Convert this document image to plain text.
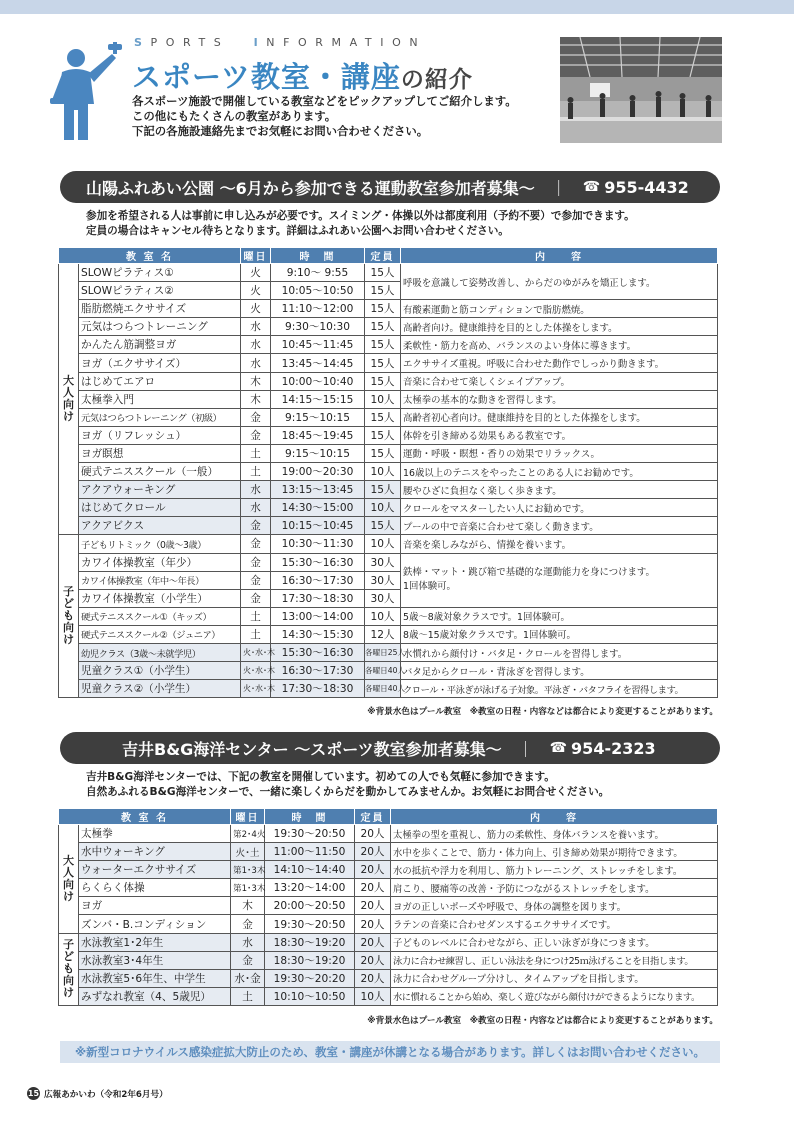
SPORTS INFORMATION
スポーツ教室・講座の紹介
各スポーツ施設で開催している教室などをピックアップしてご紹介します。
この他にもたくさんの教室があります。
下記の各施設連絡先までお気軽にお問い合わせください。
山陽ふれあい公園 ～6月から参加できる運動教室参加者募集～ ｜ ☎ 955-4432
参加を希望される人は事前に申し込みが必要です。スイミング・体操以外は都度利用（予約不要）で参加できます。
定員の場合はキャンセル待ちとなります。詳細はふれあい公園へお問い合わせください。
教 室 名		曜日	時　間	定員	内　　容
大人向け	SLOWピラティス①	火	9:10～ 9:55	15人	呼吸を意識して姿勢改善し、からだのゆがみを矯正します。
	SLOWピラティス②	火	10:05～10:50	15人	
	脂肪燃焼エクササイズ	火	11:10～12:00	15人	有酸素運動と筋コンディションで脂肪燃焼。
	元気はつらつトレーニング	水	9:30～10:30	15人	高齢者向け。健康維持を目的とした体操をします。
	かんたん筋調整ヨガ	水	10:45～11:45	15人	柔軟性・筋力を高め、バランスのよい身体に導きます。
	ヨガ（エクササイズ）	水	13:45～14:45	15人	エクササイズ重視。呼吸に合わせた動作でしっかり動きます。
	はじめてエアロ	木	10:00～10:40	15人	音楽に合わせて楽しくシェイプアップ。
	太極拳入門	木	14:15～15:15	10人	太極拳の基本的な動きを習得します。
	元気はつらつトレーニング（初級）	金	9:15～10:15	15人	高齢者初心者向け。健康維持を目的とした体操をします。
	ヨガ（リフレッシュ）	金	18:45～19:45	15人	体幹を引き締める効果もある教室です。
	ヨガ瞑想	土	9:15～10:15	15人	運動・呼吸・瞑想・香りの効果でリラックス。
	硬式テニススクール（一般）	土	19:00～20:30	10人	16歳以上のテニスをやったことのある人にお勧めです。
	アクアウォーキング	水	13:15～13:45	15人	腰やひざに負担なく楽しく歩きます。
	はじめてクロール	水	14:30～15:00	10人	クロールをマスターしたい人にお勧めです。
	アクアビクス	金	10:15～10:45	15人	プールの中で音楽に合わせて楽しく動きます。
子ども向け	子どもリトミック（0歳～3歳）	金	10:30～11:30	10人	音楽を楽しみながら、情操を養います。
	カワイ体操教室（年少）	金	15:30～16:30	30人	鉄棒・マット・跳び箱で基礎的な運動能力を身につけます。
1回体験可。

	カワイ体操教室（年中～年長）	金	16:30～17:30	30人	
	カワイ体操教室（小学生）	金	17:30～18:30	30人	
	硬式テニススクール①（キッズ）	土	13:00～14:00	10人	5歳～8歳対象クラスです。1回体験可。
	硬式テニススクール②（ジュニア）	土	14:30～15:30	12人	8歳～15歳対象クラスです。1回体験可。
	幼児クラス（3歳～未就学児）	火･水･木	15:30～16:30	各曜日25人	水慣れから顔付け・バタ足・クロールを習得します。
	児童クラス①（小学生）	火･水･木	16:30～17:30	各曜日40人	バタ足からクロール・背泳ぎを習得します。
	児童クラス②（小学生）	火･水･木	17:30～18:30	各曜日40人	クロール・平泳ぎが泳げる子対象。平泳ぎ・バタフライを習得します。
※背景水色はプール教室　※教室の日程・内容などは都合により変更することがあります。
吉井B&G海洋センター ～スポーツ教室参加者募集～ ｜ ☎ 954-2323
吉井B&G海洋センターでは、下記の教室を開催しています。初めての人でも気軽に参加できます。
自然あふれるB&G海洋センターで、一緒に楽しくからだを動かしてみませんか。お気軽にお問合せください。
教 室 名		曜日	時　間	定員	内　　容
大人向け	太極拳	第2･4火	19:30～20:50	20人	太極拳の型を重視し、筋力の柔軟性、身体バランスを養います。
	水中ウォーキング	火･土	11:00～11:50	20人	水中を歩くことで、筋力・体力向上、引き締め効果が期待できます。
	ウォーターエクササイズ	第1･3木	14:10～14:40	20人	水の抵抗や浮力を利用し、筋力トレーニング、ストレッチをします。
	らくらく体操	第1･3木	13:20～14:00	20人	肩こり、腰痛等の改善・予防につながるストレッチをします。
	ヨガ	木	20:00～20:50	20人	ヨガの正しいポーズや呼吸で、身体の調整を図ります。
	ズンバ・B.コンディション	金	19:30～20:50	20人	ラテンの音楽に合わせダンスするエクササイズです。
子ども向け	水泳教室1･2年生	水	18:30～19:20	20人	子どものレベルに合わせながら、正しい泳ぎが身につきます。
	水泳教室3･4年生	金	18:30～19:20	20人	泳力に合わせ練習し、正しい泳法を身につけ25ｍ泳げることを目指します。
	水泳教室5･6年生、中学生	水･金	19:30～20:20	20人	泳力に合わせグループ分けし、タイムアップを目指します。
	みずなれ教室（4、5歳児）	土	10:10～10:50	10人	水に慣れることから始め、楽しく遊びながら顔付けができるようになります。
※背景水色はプール教室　※教室の日程・内容などは都合により変更することがあります。
※新型コロナウイルス感染症拡大防止のため、教室・講座が休講となる場合があります。詳しくはお問い合わせください。
15 広報あかいわ（令和2年6月号）
